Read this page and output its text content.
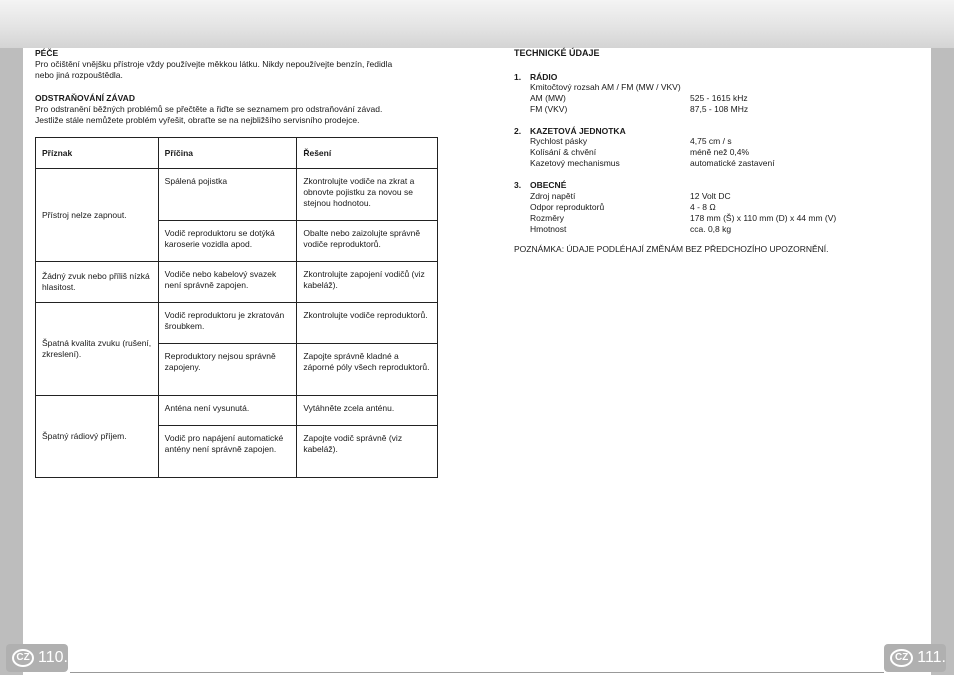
PÉČE
Pro očištění vnějšku přístroje vždy používejte měkkou látku. Nikdy nepoužívejte benzín, ředidla
nebo jiná rozpouštědla.
ODSTRAŇOVÁNÍ ZÁVAD
Pro odstranění běžných problémů se přečtěte a řiďte se seznamem pro odstraňování závad.
Jestliže stále nemůžete problém vyřešit, obraťte se na nejbližšího servisního prodejce.
Příznak	Příčina	Řešení
Přístroj nelze zapnout.	Spálená pojistka	Zkontrolujte vodiče na zkrat a obnovte pojistku za novou se stejnou hodnotou.
	Vodič reproduktoru se dotýká karoserie vozidla apod.	Obalte nebo zaizolujte správně vodiče reproduktorů.
Žádný zvuk nebo příliš nízká hlasitost.	Vodiče nebo kabelový svazek není správně zapojen.	Zkontrolujte zapojení vodičů (viz kabeláž).
Špatná kvalita zvuku (rušení, zkreslení).	Vodič reproduktoru je zkratován šroubkem.	Zkontrolujte vodiče reproduktorů.
	Reproduktory nejsou správně zapojeny.	Zapojte správně kladné a záporné póly všech reproduktorů.
Špatný rádiový příjem.	Anténa není vysunutá.	Vytáhněte zcela anténu.
	Vodič pro napájení automatické antény není správně zapojen.	Zapojte vodič správně (viz kabeláž).
CZ 110.
TECHNICKÉ ÚDAJE
1. RÁDIO
Kmitočtový rozsah AM / FM (MW / VKV)
AM (MW)	525 - 1615 kHz
FM (VKV)	87,5 - 108 MHz
2. KAZETOVÁ JEDNOTKA
Rychlost pásky	4,75 cm / s
Kolísání & chvění	méně než 0,4%
Kazetový mechanismus	automatické zastavení
3. OBECNÉ
Zdroj napětí	12 Volt DC
Odpor reproduktorů	4 - 8 Ω
Rozměry	178 mm (Š) x 110 mm (D) x 44 mm (V)
Hmotnost	cca. 0,8 kg
POZNÁMKA: ÚDAJE PODLÉHAJÍ ZMĚNÁM BEZ PŘEDCHOZÍHO UPOZORNĚNÍ.
CZ 111.
